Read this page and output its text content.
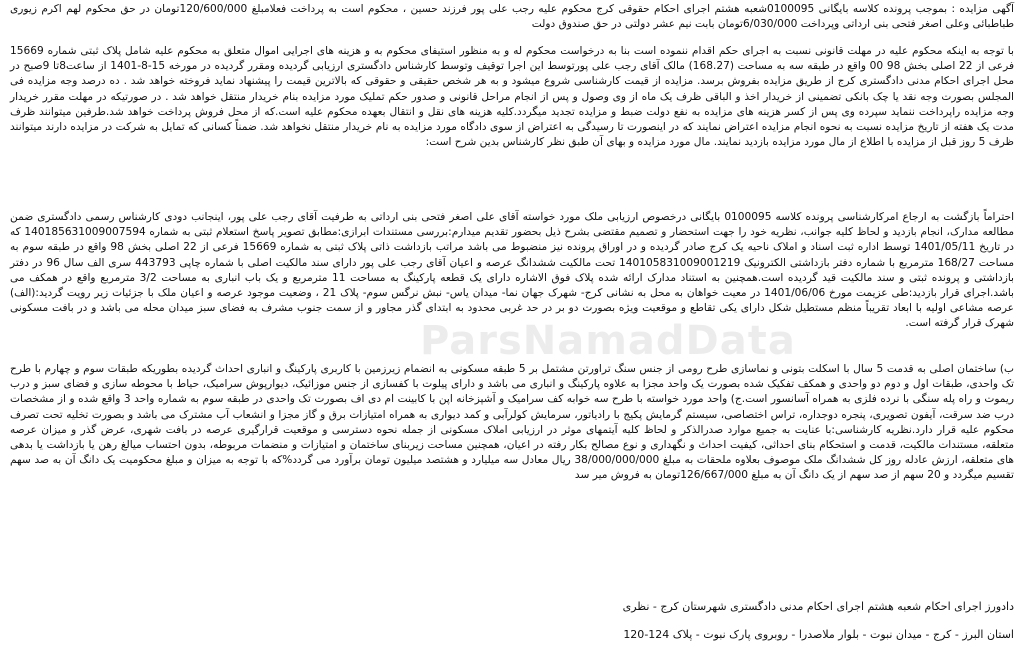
آگهی مزایده : بموجب پرونده کلاسه بایگانی 0100095شعبه هشتم اجرای احکام حقوقی کرج محکوم علیه رجب علی پور فرزند حسین ، محکوم است به پرداخت فعلامبلغ 120/600/000تومان در حق محکوم لهم اکرم زیوری طباطبائی وعلی اصغر فتحی بنی ارداتی وپرداخت 6/030/000تومان بابت نیم عشر دولتی در حق صندوق دولت

با توجه به اینکه محکوم علیه در مهلت قانونی نسبت به اجرای حکم اقدام ننموده است بنا به درخواست محکوم له و به منظور استیفای محکوم به و هزینه های اجرایی اموال متعلق به محکوم علیه شامل پلاک ثبتی شماره 15669 فرعی از 22 اصلی بخش 98 00 واقع در طبقه سه به مساحت (168.27) مالک آقای رجب علی پورتوسط این اجرا توقیف وتوسط کارشناس دادگستری ارزیابی گردیده ومقرر گردیده در مورخه 15-8-1401 از ساعت8تا 9صبح در محل اجرای احکام مدنی دادگستری کرج از طریق مزایده بفروش برسد. مزایده از قیمت کارشناسی شروع میشود و به هر شخص حقیقی و حقوقی که بالاترین قیمت را پیشنهاد نماید فروخته خواهد شد . ده درصد وجه مزایده فی المجلس بصورت وجه نقد یا چک بانکی تضمینی از خریدار اخذ و الباقی ظرف یک ماه از وی وصول و پس از انجام مراحل قانونی و صدور حکم تملیک مورد مزایده بنام خریدار منتقل خواهد شد . در صورتیکه در مهلت مقرر خریدار وجه مزایده راپرداخت ننماید سپرده وی پس از کسر هزینه های مزایده به نفع دولت ضبط و مزایده تجدید میگردد.کلیه هزینه های نقل و انتقال بعهده محکوم علیه است.که از محل فروش پرداخت خواهد شد.طرفین میتوانند ظرف مدت یک هفته از تاریخ مزایده نسبت به نحوه انجام مزایده اعتراض نمایند که در اینصورت تا رسیدگی به اعتراض از سوی دادگاه مورد مزایده به نام خریدار منتقل نخواهد شد. ضمناً کسانی که تمایل به شرکت در مزایده دارند میتوانند ظرف 5 روز قبل از مزایده با اطلاع از مال مورد مزایده بازدید نمایند. مال مورد مزایده و بهای آن طبق نظر کارشناس بدین شرح است:

احتراماً بازگشت به ارجاع امرکارشناسی پرونده کلاسه 0100095 بایگانی درخصوص ارزیابی ملک مورد خواسته آقای علی اصغر فتحی بنی ارداتی به طرفیت آقای رجب علی پور، اینجانب دودی کارشناس رسمی دادگستری ضمن مطالعه مدارک، انجام بازدید و لحاظ کلیه جوانب، نظریه خود را جهت استحضار و تصمیم مقتضی بشرح ذیل بحضور تقدیم میدارم:بررسی مستندات ابرازی:مطابق تصویر پاسخ استعلام ثبتی به شماره 140185631009007594 که در تاریخ 1401/05/11 توسط اداره ثبت اسناد و املاک ناحیه یک کرج صادر گردیده و در اوراق پرونده نیز منضبوط می باشد مراتب بازداشت ذاتی پلاک ثبتی به شماره 15669 فرعی از 22 اصلی بخش 98 واقع در طبقه سوم به مساحت 168/27 مترمربع با شماره دفتر بازداشتی الکترونیک 140105831009001219 تحت مالکیت ششدانگ عرصه و اعیان آقای رجب علی پور دارای سند مالکیت اصلی با شماره چاپی 443793 سری الف سال 96 در دفتر بازداشتی و پرونده ثبتی و سند مالکیت قید گردیده است.همچنین به استناد مدارک ارائه شده پلاک فوق الاشاره دارای یک قطعه پارکینگ به مساحت 11 مترمربع و یک باب انباری به مساحت 3/2 مترمربع واقع در همکف می باشد.اجرای قرار بازدید:طی عزیمت مورخ 1401/06/06 در معیت خواهان به محل به نشانی کرج- شهرک جهان نما- میدان یاس- نبش نرگس سوم- پلاک 21 ، وضعیت موجود عرصه و اعیان ملک با جزئیات زیر رویت گردید:(الف) عرصه مشاعی اولیه با ابعاد تقریباً منظم مستطیل شکل دارای یکی تقاطع و موقعیت ویژه بصورت دو بر در حد غربی محدود به ابتدای گذر مجاور و از سمت جنوب مشرف به فضای سبز میدان محله می باشد و در بافت مسکونی شهرک قرار گرفته است.

ب) ساختمان اصلی به قدمت 5 سال با اسکلت بتونی و نماسازی طرح رومی از جنس سنگ تراورتن مشتمل بر 5 طبقه مسکونی به انضمام زیرزمین با کاربری پارکینگ و انباری احداث گردیده بطوریکه طبقات سوم و چهارم با طرح تک واحدی، طبقات اول و دوم دو واحدی و همکف تفکیک شده بصورت یک واحد مجزا به علاوه پارکینگ و انباری می باشد و دارای پیلوت با کفسازی از جنس موزائیک، دیوارپوش سرامیک، حیاط با محوطه سازی و فضای سبز و درب ریموت و راه پله سنگی با نرده فلزی به همراه آسانسور است.ج) واحد مورد خواسته با طرح سه خوابه کف سرامیک و آشپزخانه اپن با کابینت ام دی اف بصورت تک واحدی در طبقه سوم به شماره واحد 3 واقع شده و از مشخصات درب ضد سرقت، آیفون تصویری، پنجره دوجداره، تراس اختصاصی، سیستم گرمایش پکیج با رادیاتور، سرمایش کولرآبی و کمد دیواری به همراه امتیازات برق و گاز مجزا و انشعاب آب مشترک می باشد و بصورت تخلیه تحت تصرف محکوم علیه قرار دارد.نظریه کارشناسی:با عنایت به جمیع موارد صدرالذکر و لحاظ کلیه آیتمهای موثر در ارزیابی املاک مسکونی از جمله نحوه دسترسی و موقعیت قرارگیری عرصه در بافت شهری، عرض گذر و میزان عرصه متعلقه، مستندات مالکیت، قدمت و استحکام بنای احداثی، کیفیت احداث و نگهداری و نوع مصالح بکار رفته در اعیان، همچنین مساحت زیربنای ساختمان و امتیازات و منضمات مربوطه، بدون احتساب میالغ رهن یا بازداشت یا بدهی های متعلقه، ارزش عادله روز کل ششدانگ ملک موصوف بعلاوه ملحقات به مبلغ 38/000/000/000 ریال معادل سه میلیارد و هشتصد میلیون تومان برآورد می گردد%که با توجه به میزان و مبلغ محکومیت یک دانگ آن به صد سهم تقسیم میگردد و 20 سهم از صد سهم از یک دانگ آن به مبلغ 126/667/000تومان به فروش میر سد

دادورز اجرای احکام شعبه هشتم اجرای احکام مدنی دادگستری شهرستان کرج - نظری

استان البرز - کرج - میدان نبوت - بلوار ملاصدرا - روبروی پارک نبوت - پلاک 124-120

ParsNamadData
